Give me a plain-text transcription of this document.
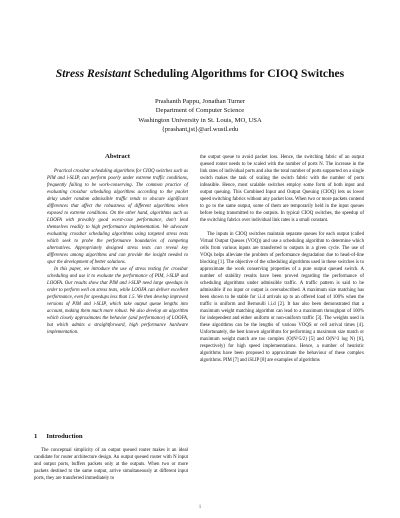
Stress Resistant Scheduling Algorithms for CIOQ Switches
Prashanth Pappu, Jonathan Turner
Department of Computer Science
Washington University in St. Louis, MO, USA
{prashant,jst}@arl.wustl.edu
Abstract

Practical crossbar scheduling algorithms for CIOQ switches such as PIM and i-SLIP, can perform poorly under extreme traffic conditions, frequently failing to be work-conserving. The common practice of evaluating crossbar scheduling algorithms according to the packet delay under random admissible traffic tends to obscure significant differences that affect the robustness of different algorithms when exposed to extreme conditions. On the other hand, algorithms such as LOOFA with provably good worst-case performance, don't lend themselves readily to high performance implementation. We advocate evaluating crossbar scheduling algorithms using targeted stress tests which seek to probe the performance boundaries of competing alternatives. Appropriately designed stress tests can reveal key differences among algorithms and can provide the insight needed to spur the development of better solutions.

In this paper, we introduce the use of stress testing for crossbar scheduling and use it to evaluate the performance of PIM, i-SLIP and LOOFA. Our results show that PIM and i-SLIP need large speedups in order to perform well on stress tests, while LOOFA can deliver excellent performance, even for speedups less than 1.5. We then develop improved versions of PIM and i-SLIP, which take output queue lengths into account, making them much more robust. We also develop an algorithm which closely approximates the behavior (and performance) of LOOFA, but which admits a straightforward, high performance hardware implementation.

1 Introduction

The conceptual simplicity of an output queued router makes it an ideal candidate for router architecture design. An output queued router with N input and output ports, buffers packets only at the outputs. When two or more packets destined to the same output, arrive simultaneously at different input ports, they are transferred immediately to

the output queue to avoid packet loss. Hence, the switching fabric of an output queued router needs to be scaled with the number of ports N. The increase in the link rates of individual ports and also the total number of ports supported on a single switch makes the task of scaling the switch fabric with the number of ports infeasible. Hence, most scalable switches employ some form of both input and output queuing. This Combined Input and Output Queuing (CIOQ) lets us lower speed switching fabrics without any packet loss. When two or more packets contend to go to the same output, some of them are temporarily held in the input queues before being transmitted to the outputs. In typical CIOQ switches, the speedup of the switching fabrics over individual link rates is a small constant.

The inputs in CIOQ switches maintain separate queues for each output (called Virtual Output Queues (VOQ)) and use a scheduling algorithm to determine which cells from various inputs are transferred to outputs in a given cycle. The use of VOQs helps alleviate the problem of performance degradation due to head-of-line blocking [1]. The objective of the scheduling algorithms used in these switches is to approximate the work conserving properties of a pure output queued switch. A number of stability results have been proved regarding the performance of scheduling algorithms under admissible traffic. A traffic pattern is said to be admissible if no input or output is oversubscribed. A maximum size matching has been shown to be stable for i.i.d arrivals up to an offered load of 100% when the traffic is uniform and Bernoulli i.i.d [2]. It has also been demonstrated that a maximum weight matching algorithm can lead to a maximum throughput of 100% for independent and either uniform or non-uniform traffic [3]. The weights used in these algorithms can be the lengths of various VOQS or cell arrival times [4]. Unfortunately, the best known algorithms for performing a maximum size match or maximum weight match are too complex (O(N^5/2) [5] and O(N^3 log N) [6], respectively) for high speed implementations. Hence, a number of heuristic algorithms have been proposed to approximate the behaviour of these complex algorithms. PIM [7] and iSLIP [8] are examples of algorithms

1
